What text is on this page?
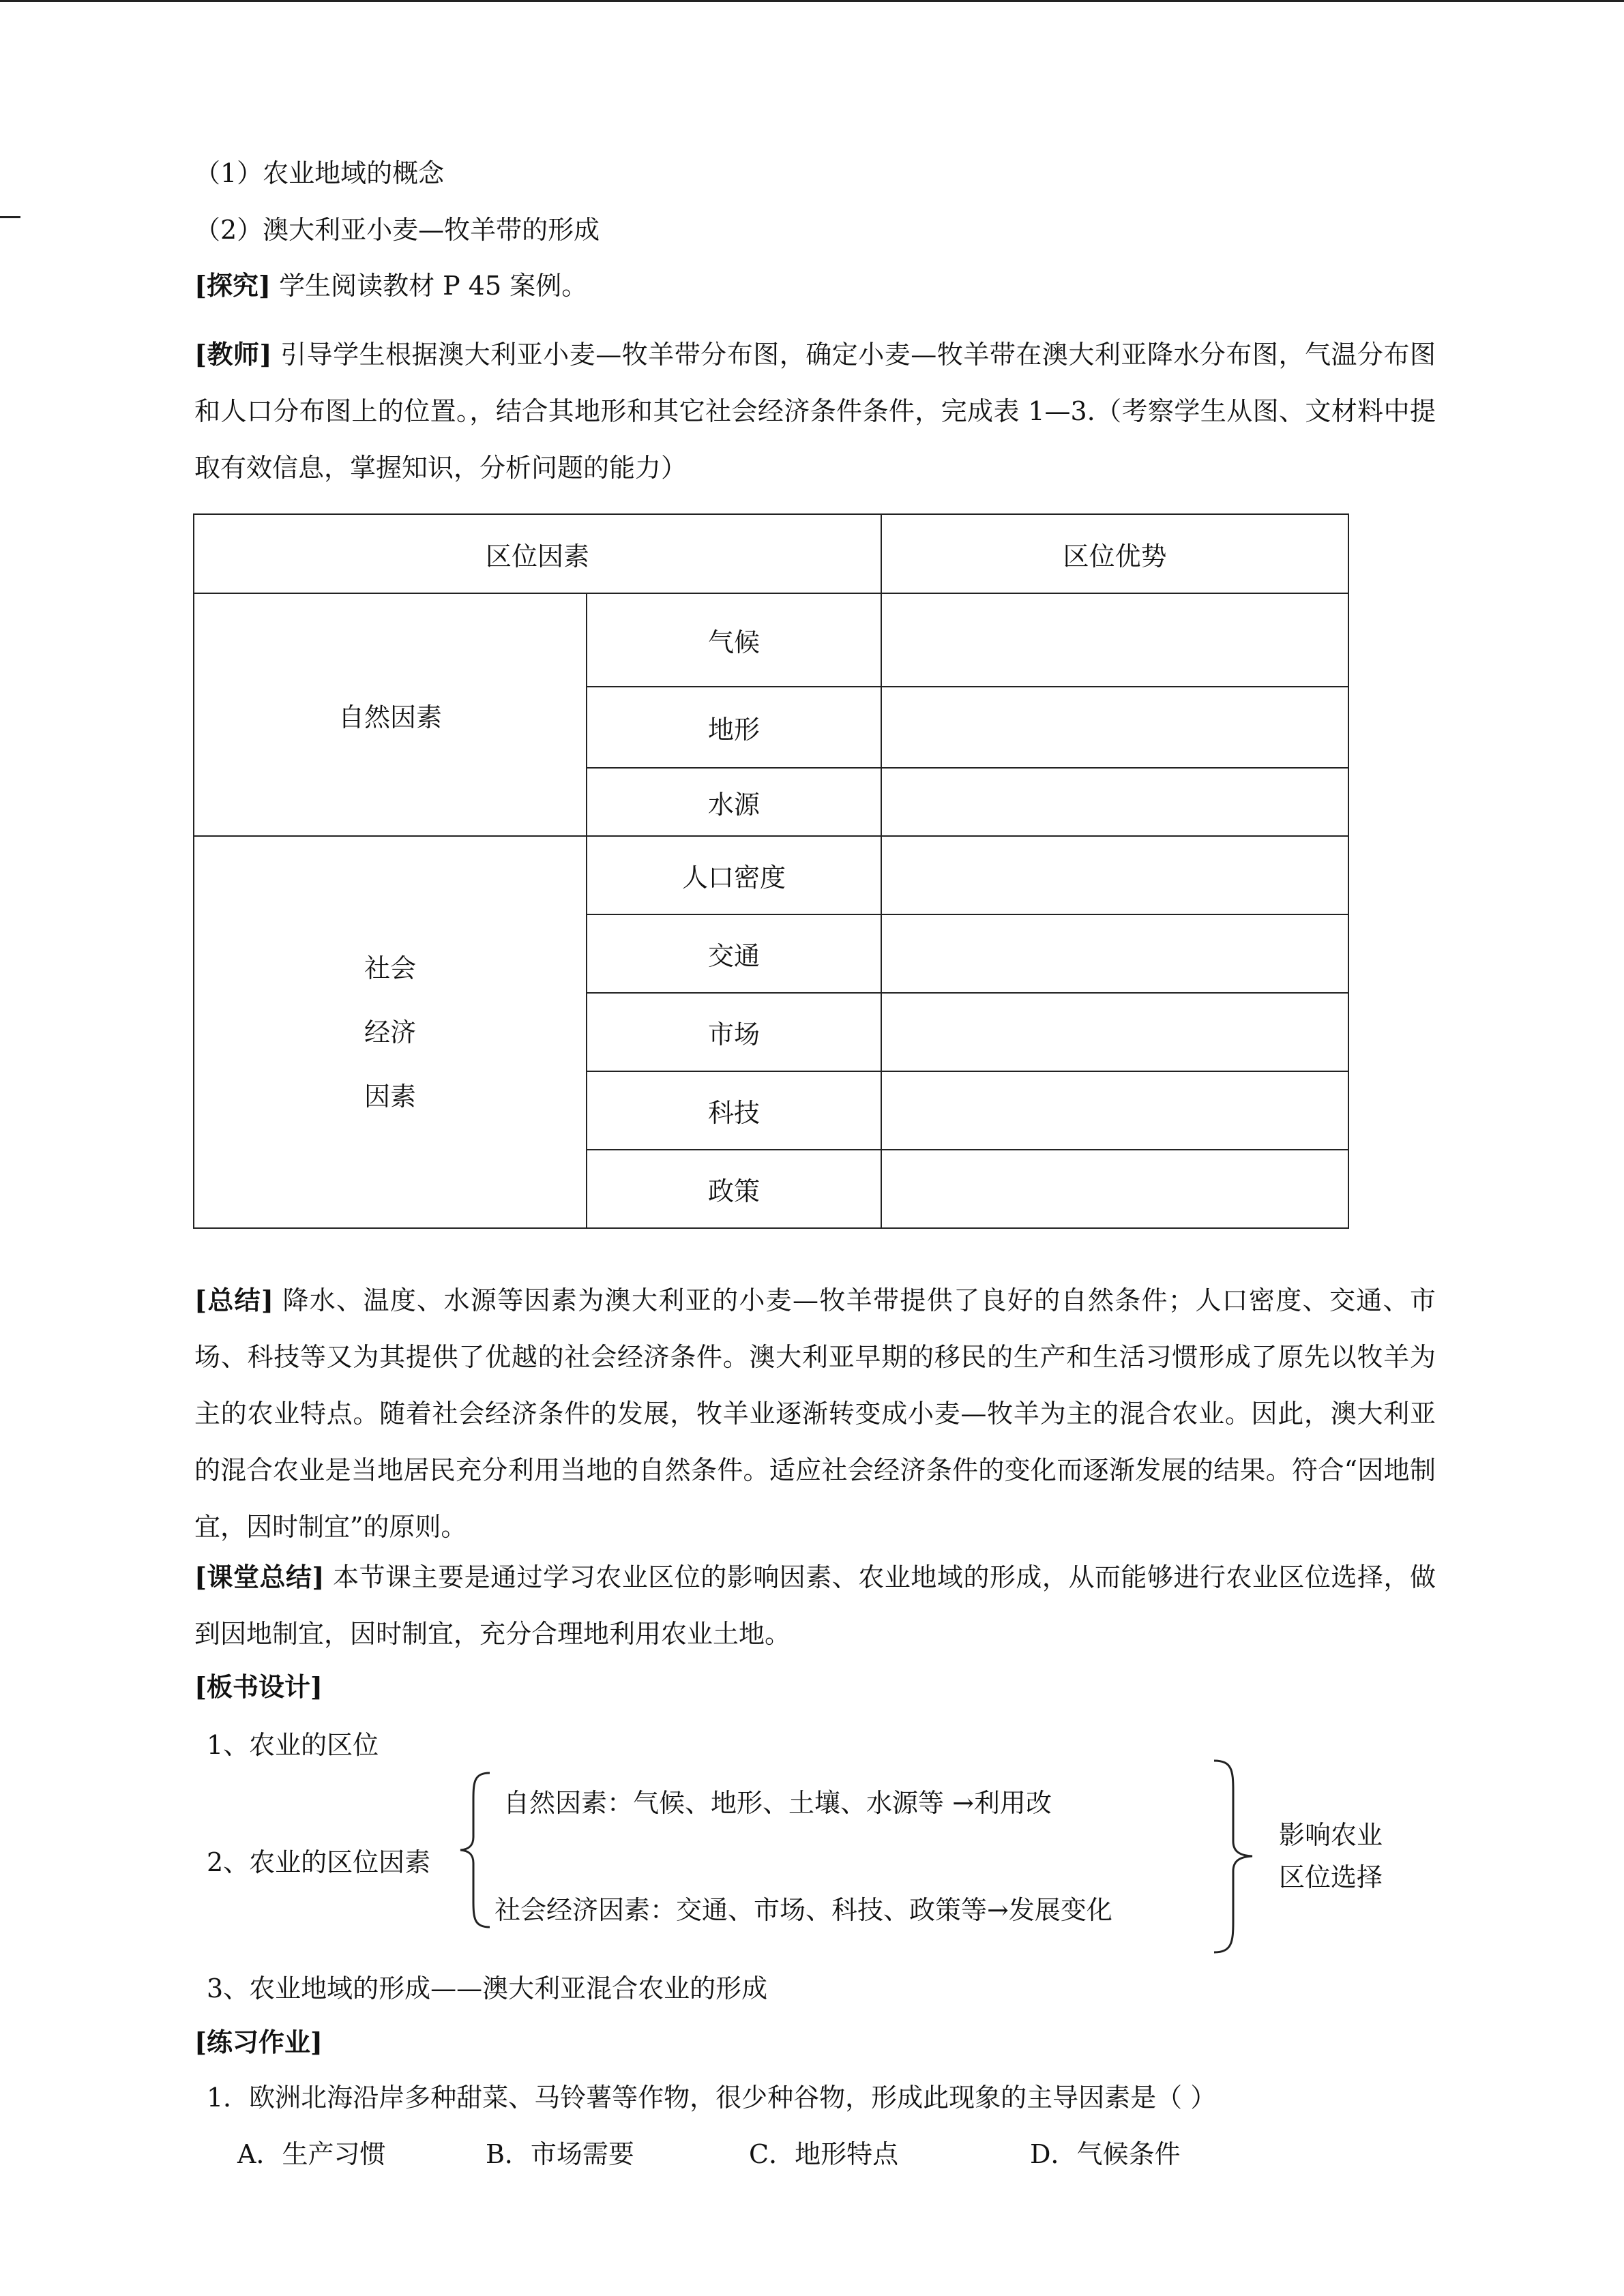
（1）农业地域的概念
（2）澳大利亚小麦—牧羊带的形成
[探究] 学生阅读教材 P 45 案例。
[教师] 引导学生根据澳大利亚小麦—牧羊带分布图，确定小麦—牧羊带在澳大利亚降水分布图，气温分布图和人口分布图上的位置。，结合其地形和其它社会经济条件条件，完成表 1—3.（考察学生从图、文材料中提取有效信息，掌握知识，分析问题的能力）
区位因素		区位优势
自然因素	气候	
	地形	
	水源	

社会
经济
因素	人口密度	
	交通	
	市场	
	科技	
	政策	
[总结] 降水、温度、水源等因素为澳大利亚的小麦—牧羊带提供了良好的自然条件；人口密度、交通、市场、科技等又为其提供了优越的社会经济条件。澳大利亚早期的移民的生产和生活习惯形成了原先以牧羊为主的农业特点。随着社会经济条件的发展，牧羊业逐渐转变成小麦—牧羊为主的混合农业。因此，澳大利亚的混合农业是当地居民充分利用当地的自然条件。适应社会经济条件的变化而逐渐发展的结果。符合“因地制宜，因时制宜”的原则。
[课堂总结] 本节课主要是通过学习农业区位的影响因素、农业地域的形成，从而能够进行农业区位选择，做到因地制宜，因时制宜，充分合理地利用农业土地。
[板书设计]
1、农业的区位
2、农业的区位因素
自然因素：气候、地形、土壤、水源等 →利用改
社会经济因素：交通、市场、科技、政策等→发展变化
影响农业
区位选择
3、农业地域的形成——澳大利亚混合农业的形成
[练习作业]
1．欧洲北海沿岸多种甜菜、马铃薯等作物，很少种谷物，形成此现象的主导因素是（ ）
A．生产习惯	B．市场需要	C．地形特点	D．气候条件
